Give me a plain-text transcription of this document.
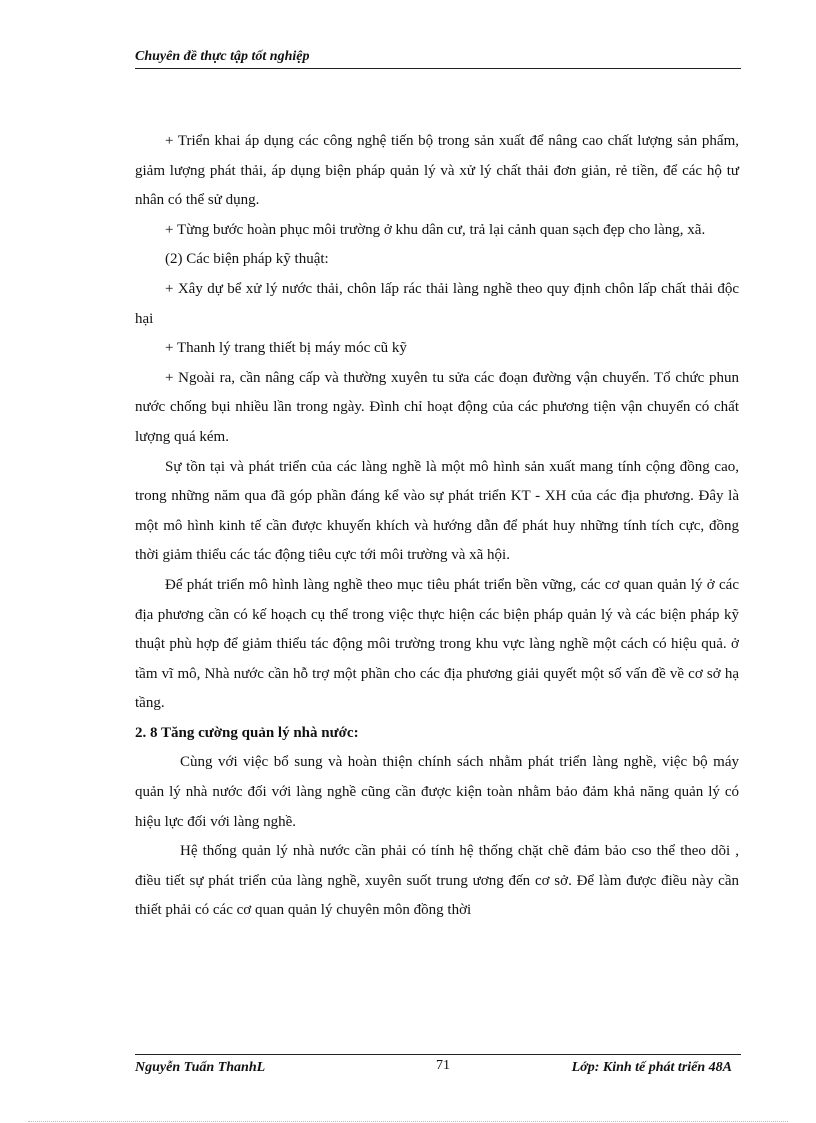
Chuyên đề thực tập tốt nghiệp

+ Triển khai áp dụng các công nghệ tiến bộ trong sản xuất để nâng cao chất lượng sản phẩm, giảm lượng phát thải, áp dụng biện pháp quản lý và xử lý chất thải đơn giản, rẻ tiền, để các hộ tư nhân có thể sử dụng.

+ Từng bước hoàn phục môi trường ở khu dân cư, trả lại cảnh quan sạch đẹp cho làng, xã.

(2) Các biện pháp kỹ thuật:

+ Xây dự bể xử lý nước thải, chôn lấp rác thải làng nghề theo quy định chôn lấp chất thải độc hại

+ Thanh lý trang thiết bị máy móc cũ kỹ

+ Ngoài ra, cần nâng cấp và thường xuyên tu sửa các đoạn đường vận chuyển. Tổ chức phun nước chống bụi nhiều lần trong ngày. Đình chỉ hoạt động của các phương tiện vận chuyển có chất lượng quá kém.

Sự tồn tại và phát triển của các làng nghề là một mô hình sản xuất mang tính cộng đồng cao, trong những năm qua đã góp phần đáng kể vào sự phát triển KT - XH của các địa phương. Đây là một mô hình kinh tế cần được khuyến khích và hướng dẫn để phát huy những tính tích cực, đồng thời giảm thiểu các tác động tiêu cực tới môi trường và xã hội.

Để phát triển mô hình làng nghề theo mục tiêu phát triển bền vững, các cơ quan quản lý ở các địa phương cần có kế hoạch cụ thể trong việc thực hiện các biện pháp quản lý và các biện pháp kỹ thuật phù hợp để giảm thiểu tác động môi trường trong khu vực làng nghề một cách có hiệu quả. ở tầm vĩ mô, Nhà nước cần hỗ trợ một phần cho các địa phương giải quyết một số vấn đề về cơ sở hạ tầng.

2. 8 Tăng cường quản lý nhà nước:

Cùng với việc bổ sung và hoàn thiện chính sách nhằm phát triển làng nghề, việc bộ máy quản lý nhà nước đối với làng nghề cũng cần được kiện toàn nhằm bảo đảm khả năng quản lý có hiệu lực đối với làng nghề.

Hệ thống quản lý nhà nước cần phải có tính hệ thống chặt chẽ đảm bảo cso thể theo dõi , điều tiết sự phát triển của làng nghề, xuyên suốt trung ương đến cơ sở. Để làm được điều này cần thiết phải có các cơ quan quản lý chuyên môn đồng thời

Nguyễn Tuấn ThanhL	71	Lớp: Kinh tế phát triển 48A
